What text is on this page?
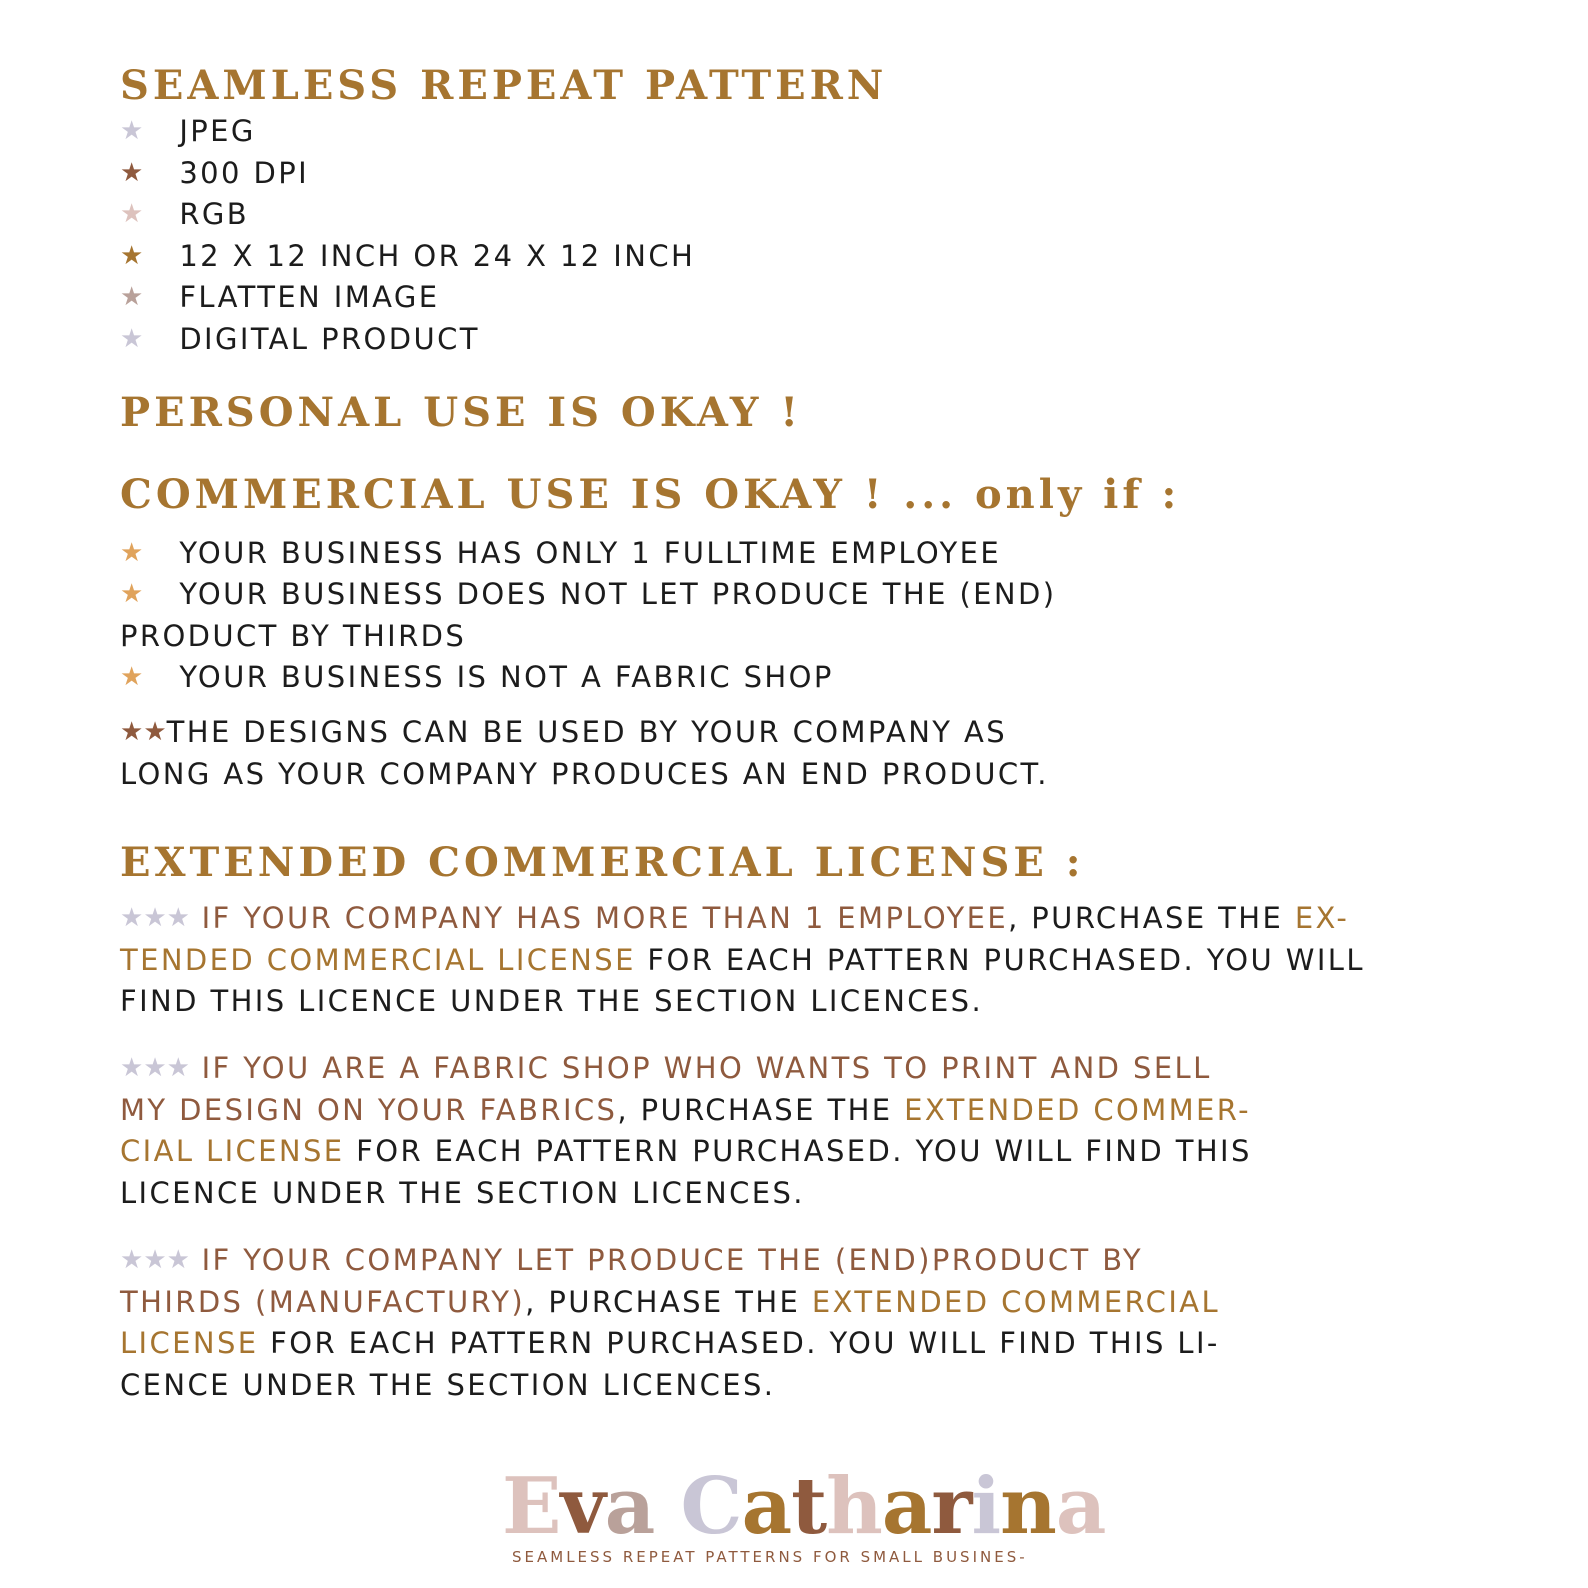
SEAMLESS REPEAT PATTERN
★ JPEG
★ 300 DPI
★ RGB
★ 12 X 12 INCH OR 24 X 12 INCH
★ FLATTEN IMAGE
★ DIGITAL PRODUCT
PERSONAL USE IS OKAY !
COMMERCIAL USE IS OKAY ! ... only if :
★ YOUR BUSINESS HAS ONLY 1 FULLTIME EMPLOYEE
★ YOUR BUSINESS DOES NOT LET PRODUCE THE (END)
PRODUCT BY THIRDS
★ YOUR BUSINESS IS NOT A FABRIC SHOP
★★THE DESIGNS CAN BE USED BY YOUR COMPANY AS
LONG AS YOUR COMPANY PRODUCES AN END PRODUCT.
EXTENDED COMMERCIAL LICENSE :
★★★ IF YOUR COMPANY HAS MORE THAN 1 EMPLOYEE, PURCHASE THE EX-
TENDED COMMERCIAL LICENSE FOR EACH PATTERN PURCHASED. YOU WILL
FIND THIS LICENCE UNDER THE SECTION LICENCES.
★★★ IF YOU ARE A FABRIC SHOP WHO WANTS TO PRINT AND SELL
MY DESIGN ON YOUR FABRICS, PURCHASE THE EXTENDED COMMER-
CIAL LICENSE FOR EACH PATTERN PURCHASED. YOU WILL FIND THIS
LICENCE UNDER THE SECTION LICENCES.
★★★ IF YOUR COMPANY LET PRODUCE THE (END)PRODUCT BY
THIRDS (MANUFACTURY), PURCHASE THE EXTENDED COMMERCIAL
LICENSE FOR EACH PATTERN PURCHASED. YOU WILL FIND THIS LI-
CENCE UNDER THE SECTION LICENCES.
Eva Catharina
SEAMLESS REPEAT PATTERNS FOR SMALL BUSINES-
